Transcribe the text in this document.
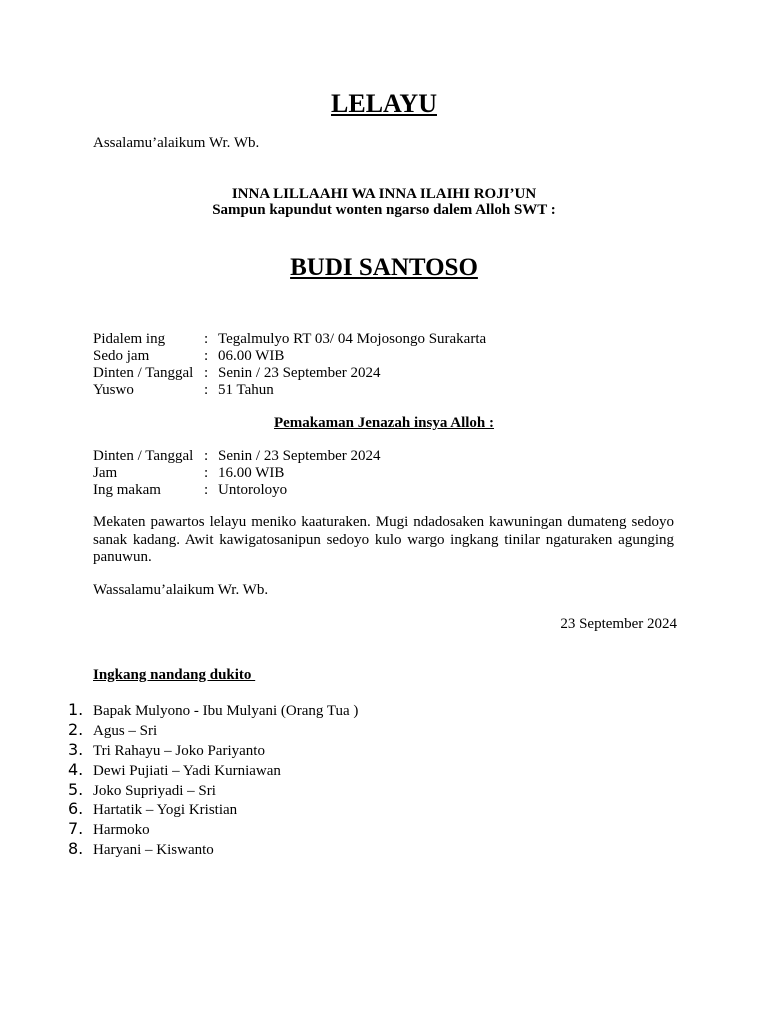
LELAYU
Assalamu’alaikum Wr. Wb.
INNA LILLAAHI WA INNA ILAIHI ROJI’UN
Sampun kapundut wonten ngarso dalem Alloh SWT :
BUDI SANTOSO
Pidalem ing	: Tegalmulyo RT 03/ 04 Mojosongo Surakarta
Sedo jam	: 06.00 WIB
Dinten / Tanggal : Senin / 23 September 2024
Yuswo	: 51 Tahun
Pemakaman Jenazah insya Alloh :
Dinten / Tanggal : Senin / 23 September 2024
Jam	: 16.00 WIB
Ing makam	: Untoroloyo
Mekaten pawartos lelayu meniko kaaturaken. Mugi ndadosaken kawuningan dumateng sedoyo sanak kadang. Awit kawigatosanipun sedoyo kulo wargo ingkang tinilar ngaturaken agunging panuwun.
Wassalamu’alaikum Wr. Wb.
23 September 2024
Ingkang nandang dukito
1. Bapak Mulyono - Ibu Mulyani (Orang Tua )
2. Agus – Sri
3. Tri Rahayu – Joko Pariyanto
4. Dewi Pujiati – Yadi Kurniawan
5. Joko Supriyadi – Sri
6. Hartatik – Yogi Kristian
7. Harmoko
8. Haryani – Kiswanto
